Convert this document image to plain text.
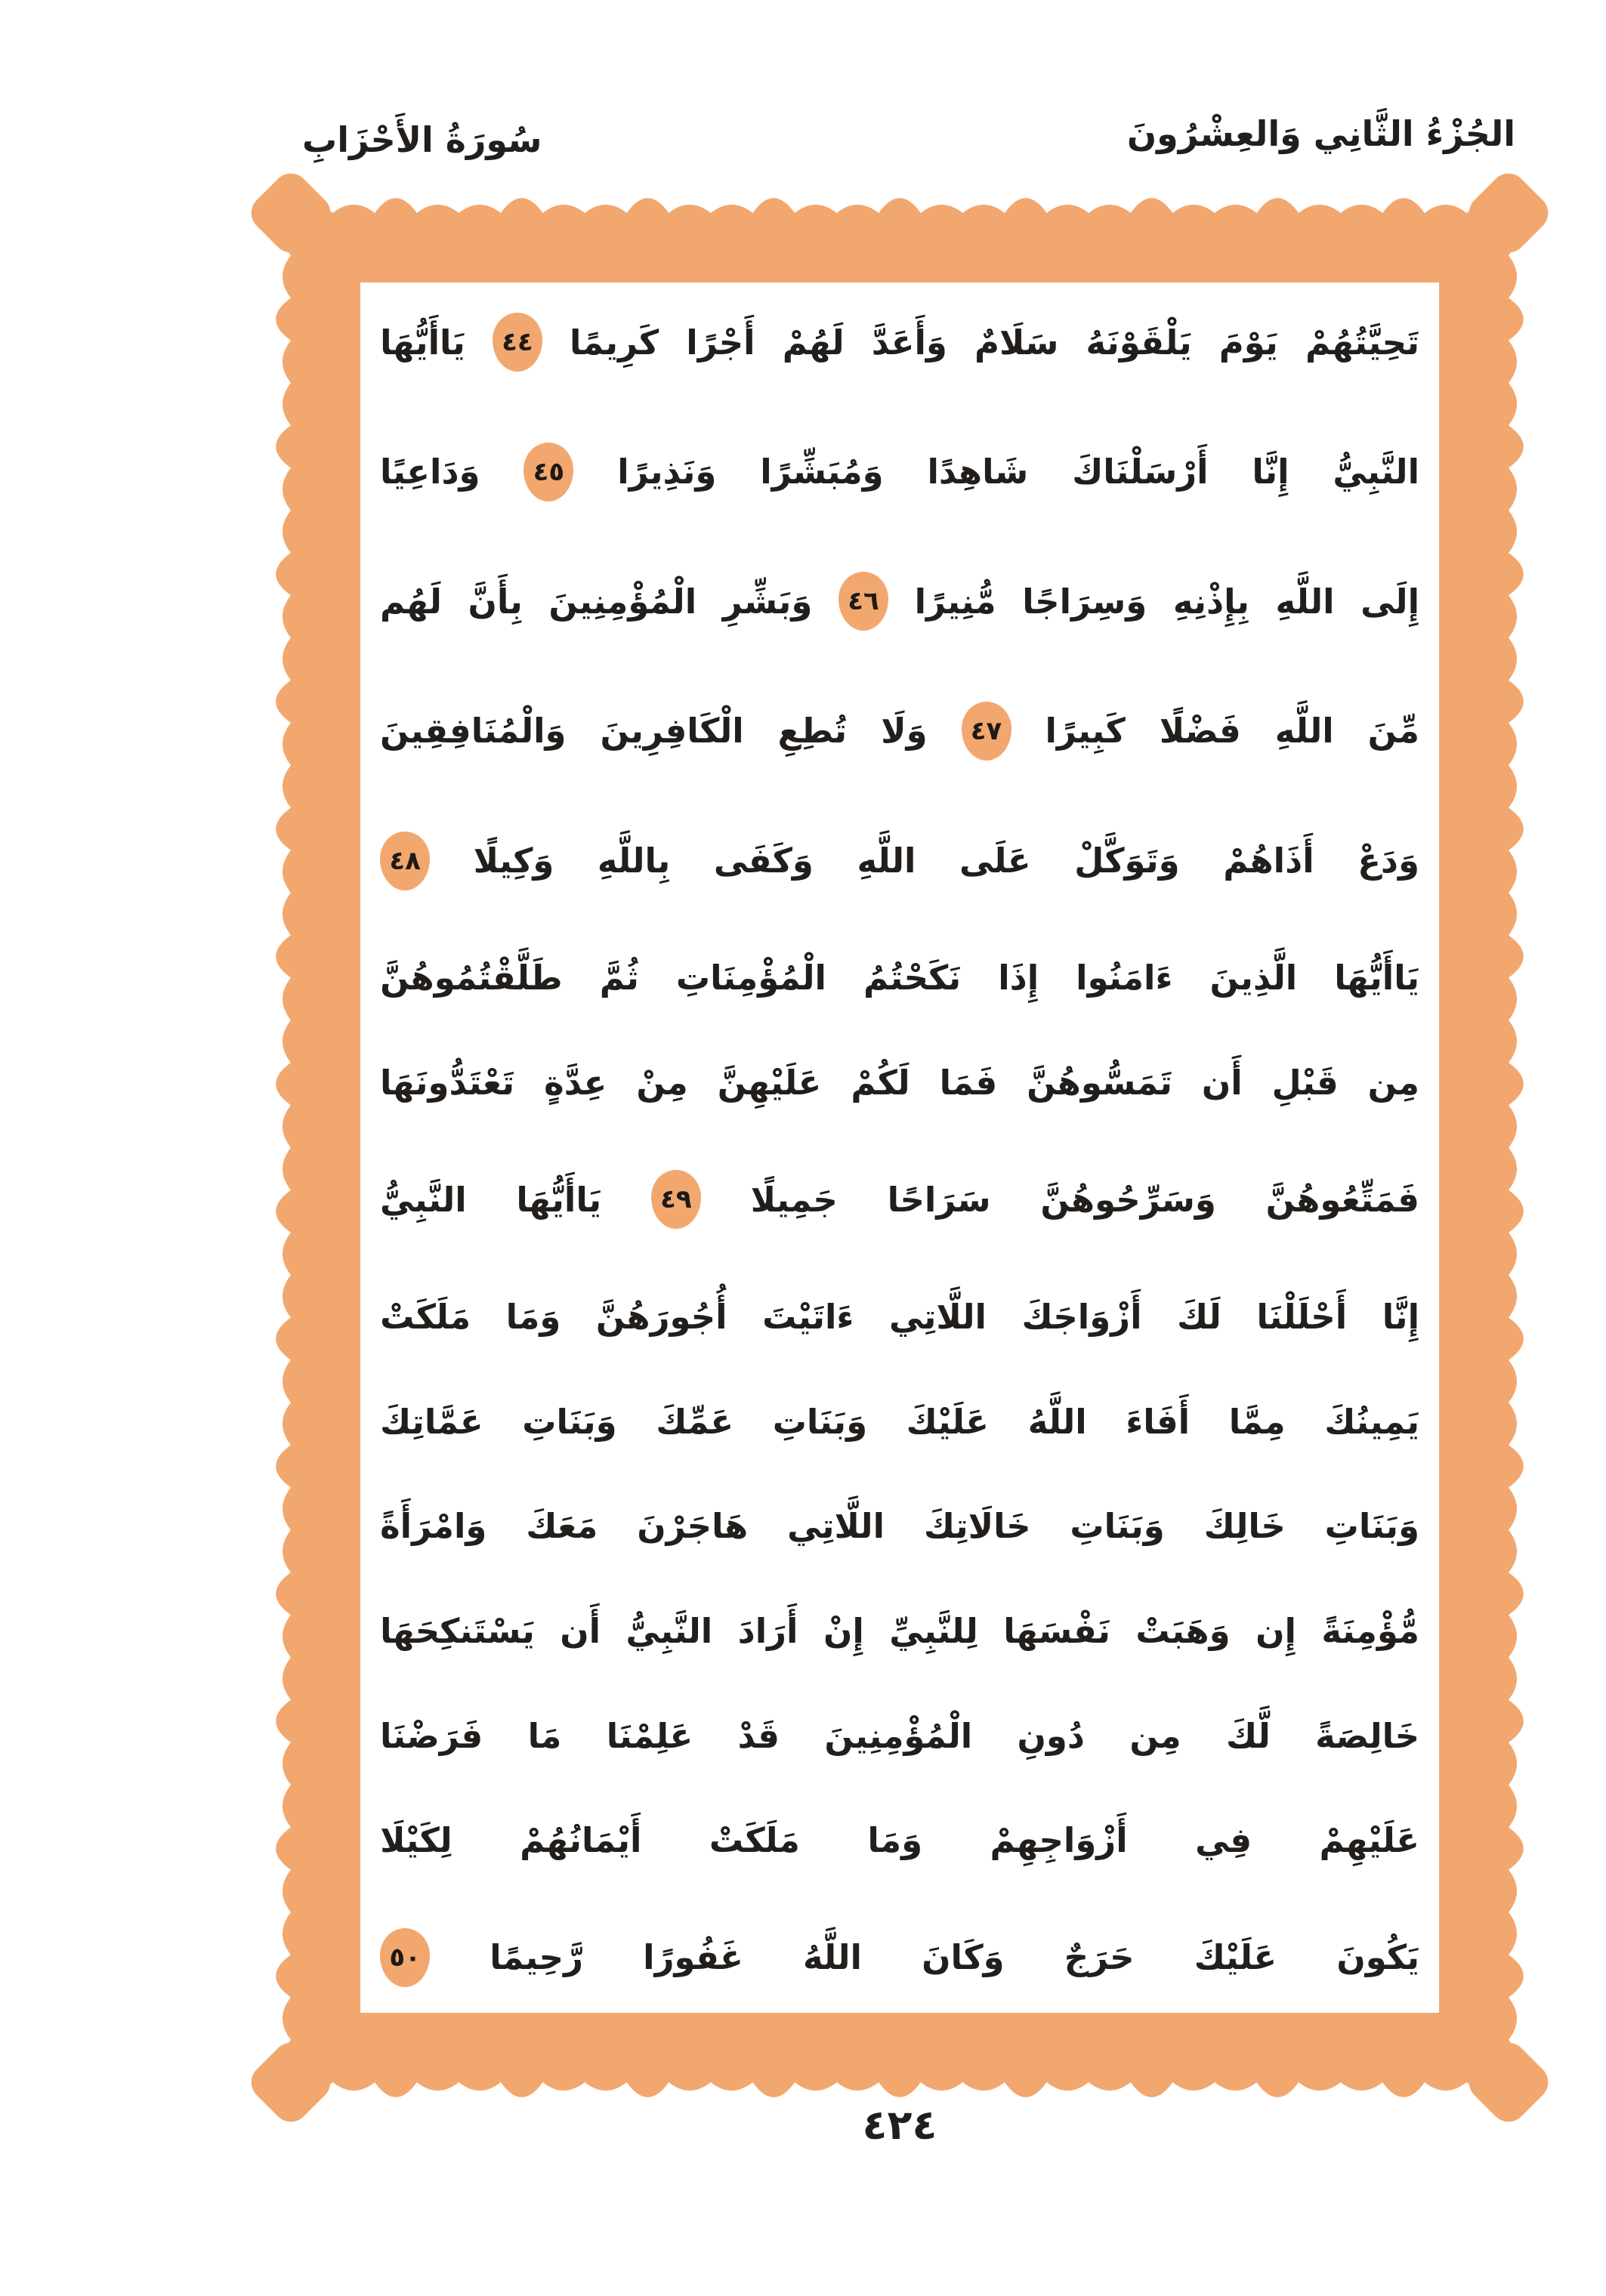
الجُزْءُ الثَّانِي وَالعِشْرُونَ
سُورَةُ الأَحْزَابِ
تَحِيَّتُهُمْ
يَوْمَ
يَلْقَوْنَهُ
سَلَامٌ
وَأَعَدَّ
لَهُمْ
أَجْرًا
كَرِيمًا
٤٤
يَاأَيُّهَا
النَّبِيُّ
إِنَّا
أَرْسَلْنَاكَ
شَاهِدًا
وَمُبَشِّرًا
وَنَذِيرًا
٤٥
وَدَاعِيًا
إِلَى
اللَّهِ
بِإِذْنِهِ
وَسِرَاجًا
مُّنِيرًا
٤٦
وَبَشِّرِ
الْمُؤْمِنِينَ
بِأَنَّ
لَهُم
مِّنَ
اللَّهِ
فَضْلًا
كَبِيرًا
٤٧
وَلَا
تُطِعِ
الْكَافِرِينَ
وَالْمُنَافِقِينَ
وَدَعْ
أَذَاهُمْ
وَتَوَكَّلْ
عَلَى
اللَّهِ
وَكَفَى
بِاللَّهِ
وَكِيلًا
٤٨
يَاأَيُّهَا
الَّذِينَ
ءَامَنُوا
إِذَا
نَكَحْتُمُ
الْمُؤْمِنَاتِ
ثُمَّ
طَلَّقْتُمُوهُنَّ
مِن
قَبْلِ
أَن
تَمَسُّوهُنَّ
فَمَا
لَكُمْ
عَلَيْهِنَّ
مِنْ
عِدَّةٍ
تَعْتَدُّونَهَا
فَمَتِّعُوهُنَّ
وَسَرِّحُوهُنَّ
سَرَاحًا
جَمِيلًا
٤٩
يَاأَيُّهَا
النَّبِيُّ
إِنَّا
أَحْلَلْنَا
لَكَ
أَزْوَاجَكَ
اللَّاتِي
ءَاتَيْتَ
أُجُورَهُنَّ
وَمَا
مَلَكَتْ
يَمِينُكَ
مِمَّا
أَفَاءَ
اللَّهُ
عَلَيْكَ
وَبَنَاتِ
عَمِّكَ
وَبَنَاتِ
عَمَّاتِكَ
وَبَنَاتِ
خَالِكَ
وَبَنَاتِ
خَالَاتِكَ
اللَّاتِي
هَاجَرْنَ
مَعَكَ
وَامْرَأَةً
مُّؤْمِنَةً
إِن
وَهَبَتْ
نَفْسَهَا
لِلنَّبِيِّ
إِنْ
أَرَادَ
النَّبِيُّ
أَن
يَسْتَنكِحَهَا
خَالِصَةً
لَّكَ
مِن
دُونِ
الْمُؤْمِنِينَ
قَدْ
عَلِمْنَا
مَا
فَرَضْنَا
عَلَيْهِمْ
فِي
أَزْوَاجِهِمْ
وَمَا
مَلَكَتْ
أَيْمَانُهُمْ
لِكَيْلَا
يَكُونَ
عَلَيْكَ
حَرَجٌ
وَكَانَ
اللَّهُ
غَفُورًا
رَّحِيمًا
٥٠
٤٢٤
